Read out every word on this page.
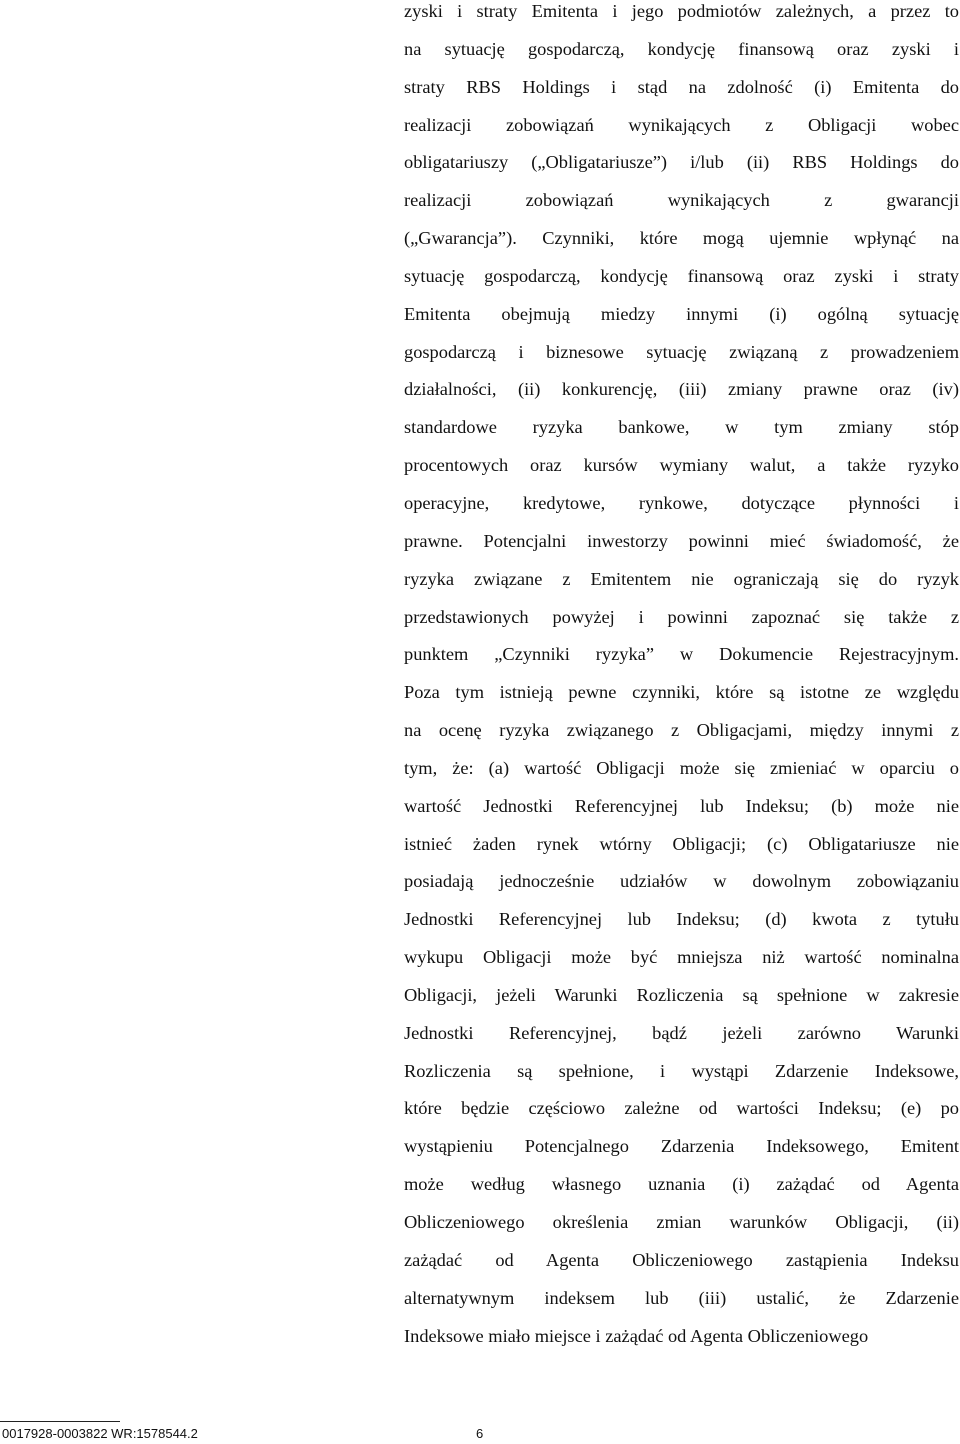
zyski i straty Emitenta i jego podmiotów zależnych, a przez to
na sytuację gospodarczą, kondycję finansową oraz zyski i
straty RBS Holdings i stąd na zdolność (i) Emitenta do
realizacji zobowiązań wynikających z Obligacji wobec
obligatariuszy („Obligatariusze”) i/lub (ii) RBS Holdings do
realizacji zobowiązań wynikających z gwarancji
(„Gwarancja”). Czynniki, które mogą ujemnie wpłynąć na
sytuację gospodarczą, kondycję finansową oraz zyski i straty
Emitenta obejmują miedzy innymi (i) ogólną sytuację
gospodarczą i biznesowe sytuację związaną z prowadzeniem
działalności, (ii) konkurencję, (iii) zmiany prawne oraz (iv)
standardowe ryzyka bankowe, w tym zmiany stóp
procentowych oraz kursów wymiany walut, a także ryzyko
operacyjne, kredytowe, rynkowe, dotyczące płynności i
prawne. Potencjalni inwestorzy powinni mieć świadomość, że
ryzyka związane z Emitentem nie ograniczają się do ryzyk
przedstawionych powyżej i powinni zapoznać się także z
punktem „Czynniki ryzyka” w Dokumencie Rejestracyjnym.
Poza tym istnieją pewne czynniki, które są istotne ze względu
na ocenę ryzyka związanego z Obligacjami, między innymi z
tym, że: (a) wartość Obligacji może się zmieniać w oparciu o
wartość Jednostki Referencyjnej lub Indeksu; (b) może nie
istnieć żaden rynek wtórny Obligacji; (c) Obligatariusze nie
posiadają jednocześnie udziałów w dowolnym zobowiązaniu
Jednostki Referencyjnej lub Indeksu; (d) kwota z tytułu
wykupu Obligacji może być mniejsza niż wartość nominalna
Obligacji, jeżeli Warunki Rozliczenia są spełnione w zakresie
Jednostki Referencyjnej, bądź jeżeli zarówno Warunki
Rozliczenia są spełnione, i wystąpi Zdarzenie Indeksowe,
które będzie częściowo zależne od wartości Indeksu; (e) po
wystąpieniu Potencjalnego Zdarzenia Indeksowego, Emitent
może według własnego uznania (i) zażądać od Agenta
Obliczeniowego określenia zmian warunków Obligacji, (ii)
zażądać od Agenta Obliczeniowego zastąpienia Indeksu
alternatywnym indeksem lub (iii) ustalić, że Zdarzenie
Indeksowe miało miejsce i zażądać od Agenta Obliczeniowego
0017928-0003822 WR:1578544.2	6
